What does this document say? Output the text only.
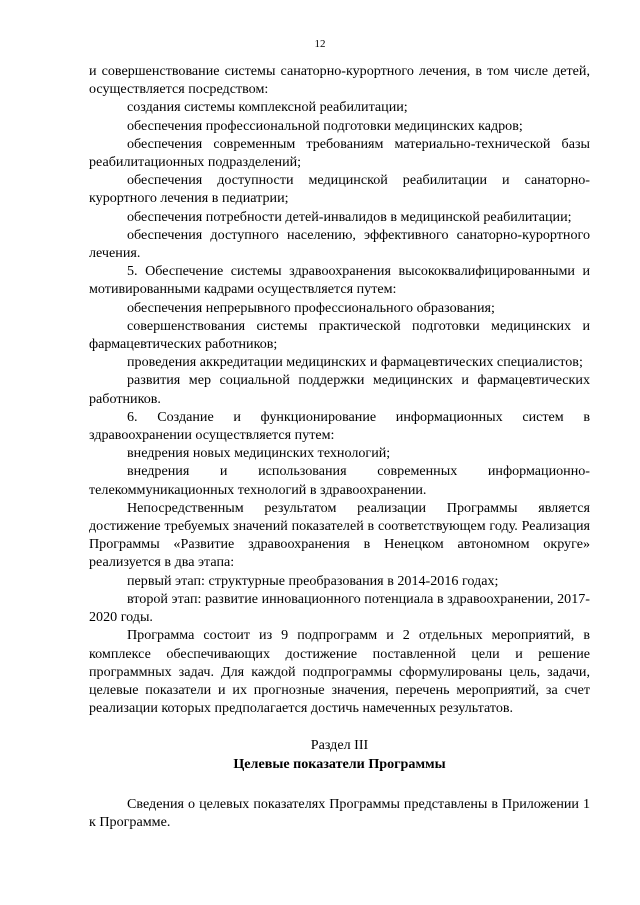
12

и совершенствование системы санаторно-курортного лечения, в том числе детей, осуществляется посредством:

создания системы комплексной реабилитации;

обеспечения профессиональной подготовки медицинских кадров;

обеспечения современным требованиям материально-технической базы реабилитационных подразделений;

обеспечения доступности медицинской реабилитации и санаторно-курортного лечения в педиатрии;

обеспечения потребности детей-инвалидов в медицинской реабилитации;

обеспечения доступного населению, эффективного санаторно-курортного лечения.

5. Обеспечение системы здравоохранения высококвалифицированными и мотивированными кадрами осуществляется путем:

обеспечения непрерывного профессионального образования;

совершенствования системы практической подготовки медицинских и фармацевтических работников;

проведения аккредитации медицинских и фармацевтических специалистов;

развития мер социальной поддержки медицинских и фармацевтических работников.

6. Создание и функционирование информационных систем в здравоохранении осуществляется путем:

внедрения новых медицинских технологий;

внедрения и использования современных информационно-телекоммуникационных технологий в здравоохранении.

Непосредственным результатом реализации Программы является достижение требуемых значений показателей в соответствующем году. Реализация Программы «Развитие здравоохранения в Ненецком автономном округе» реализуется в два этапа:

первый этап: структурные преобразования в 2014-2016 годах;

второй этап: развитие инновационного потенциала в здравоохранении, 2017-2020 годы.

Программа состоит из 9 подпрограмм и 2 отдельных мероприятий, в комплексе обеспечивающих достижение поставленной цели и решение программных задач. Для каждой подпрограммы сформулированы цель, задачи, целевые показатели и их прогнозные значения, перечень мероприятий, за счет реализации которых предполагается достичь намеченных результатов.

Раздел III

Целевые показатели Программы

Сведения о целевых показателях Программы представлены в Приложении 1 к Программе.
